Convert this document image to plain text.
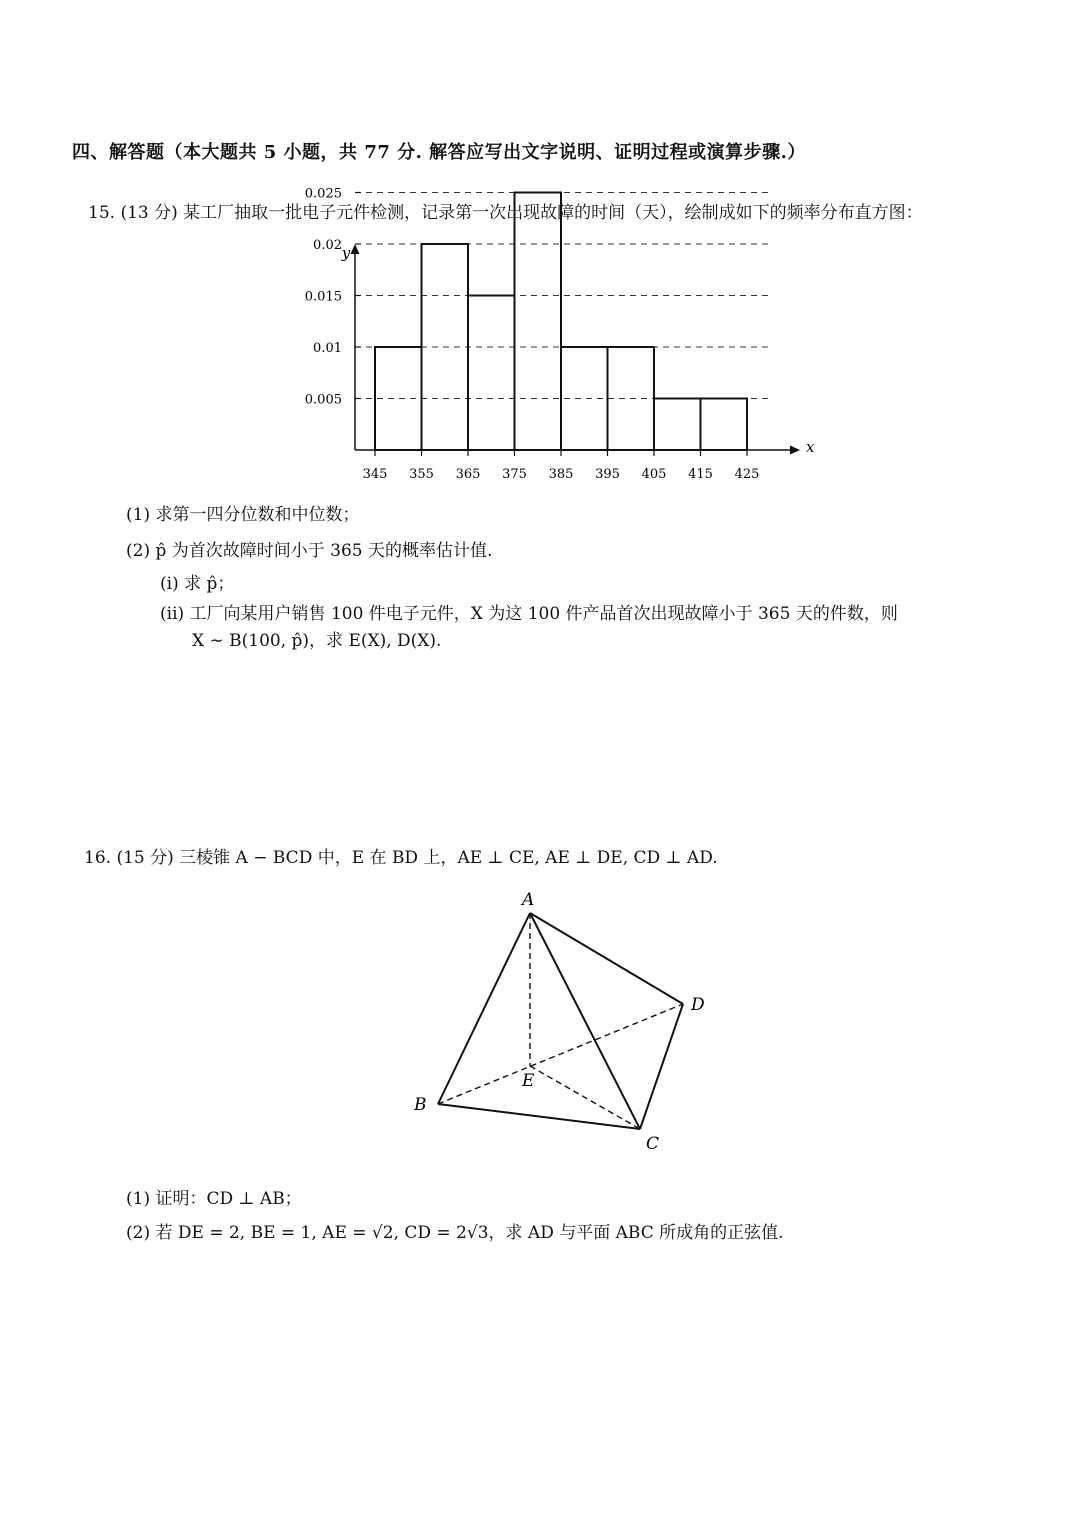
四、解答题（本大题共 5 小题，共 77 分. 解答应写出文字说明、证明过程或演算步骤.）
15. (13 分) 某工厂抽取一批电子元件检测，记录第一次出现故障的时间（天），绘制成如下的频率分布直方图：
0.005
0.01
0.015
0.02
0.025
345 355 365 375 385 395 405 415 425
y
x
(1) 求第一四分位数和中位数；
(2) p̂ 为首次故障时间小于 365 天的概率估计值.
(i) 求 p̂；
(ii) 工厂向某用户销售 100 件电子元件，X 为这 100 件产品首次出现故障小于 365 天的件数，则
X ∼ B(100, p̂)，求 E(X), D(X).
16. (15 分) 三棱锥 A − BCD 中，E 在 BD 上，AE ⊥ CE, AE ⊥ DE, CD ⊥ AD.
A
B
C
D
E
(1) 证明：CD ⊥ AB；
(2) 若 DE = 2, BE = 1, AE = √2, CD = 2√3，求 AD 与平面 ABC 所成角的正弦值.
